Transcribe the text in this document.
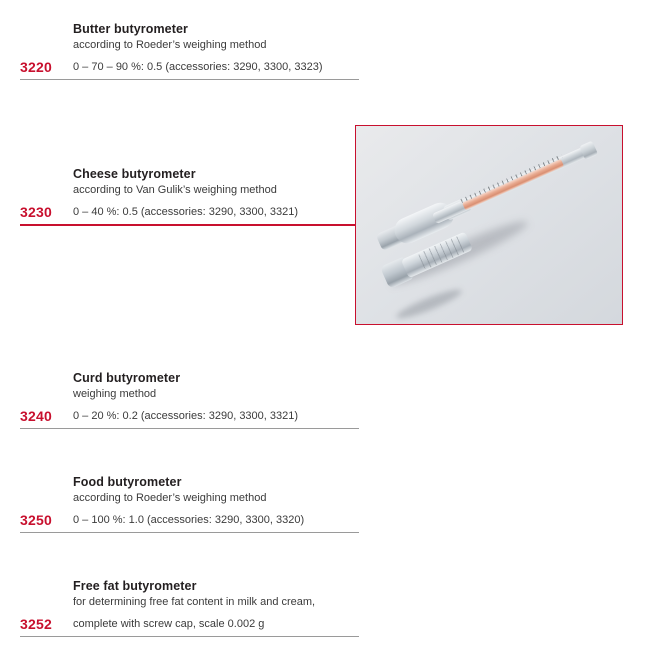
Butter butyrometer
according to Roeder’s weighing method
3220 0 – 70 – 90 %: 0.5 (accessories: 3290, 3300, 3323)
Cheese butyrometer
according to Van Gulik’s weighing method
3230 0 – 40 %: 0.5 (accessories: 3290, 3300, 3321)
Curd butyrometer
weighing method
3240 0 – 20 %: 0.2 (accessories: 3290, 3300, 3321)
Food butyrometer
according to Roeder’s weighing method
3250 0 – 100 %: 1.0 (accessories: 3290, 3300, 3320)
Free fat butyrometer
for determining free fat content in milk and cream,
3252 complete with screw cap, scale 0.002 g
